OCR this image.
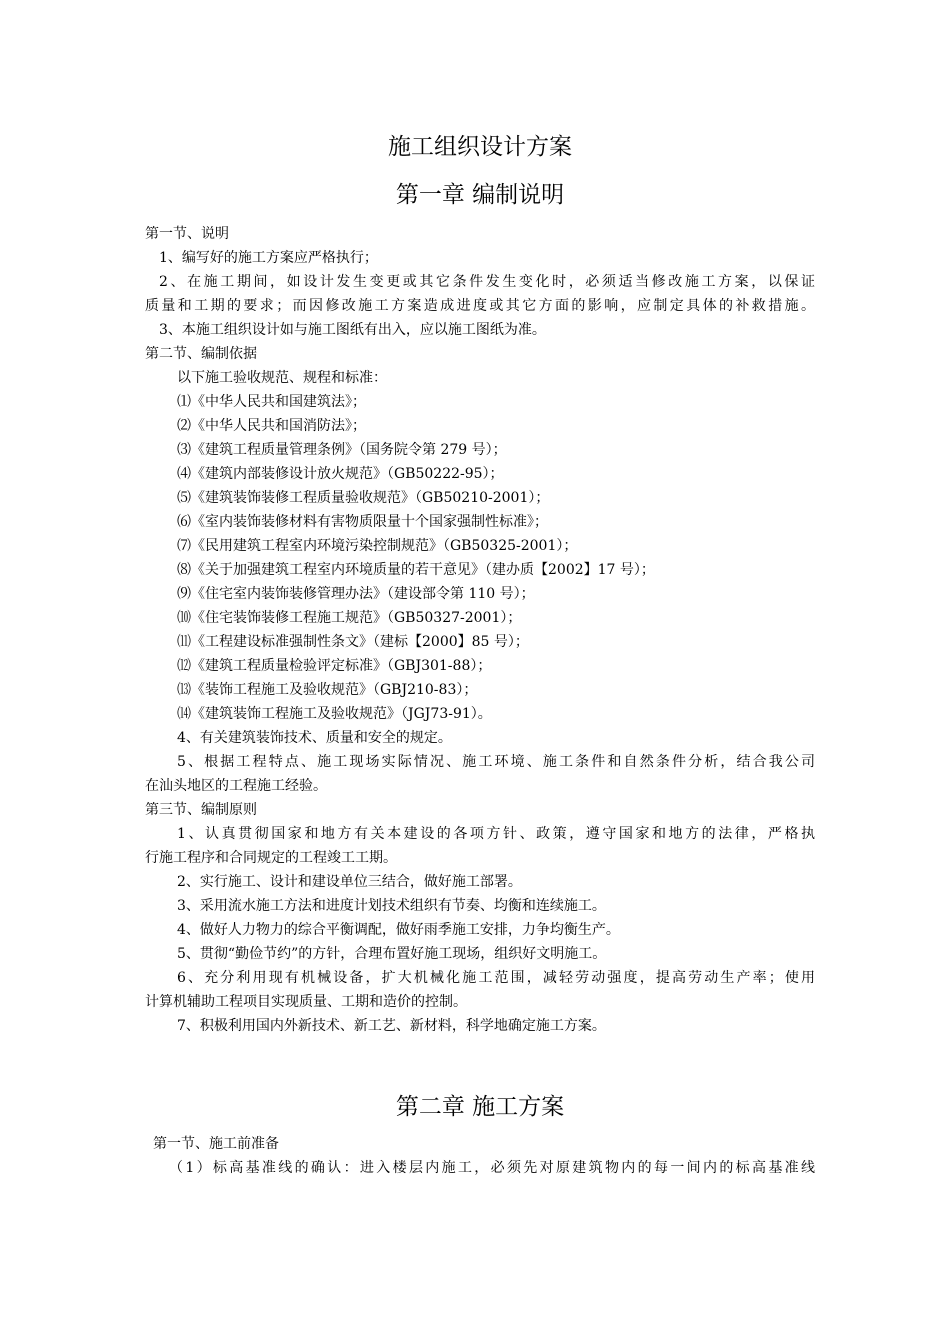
施工组织设计方案
第一章 编制说明
第一节、说明
1、编写好的施工方案应严格执行；
2、在施工期间，如设计发生变更或其它条件发生变化时，必须适当修改施工方案，以保证
质量和工期的要求；而因修改施工方案造成进度或其它方面的影响，应制定具体的补救措施。
3、本施工组织设计如与施工图纸有出入，应以施工图纸为准。
第二节、编制依据
以下施工验收规范、规程和标准：
⑴《中华人民共和国建筑法》；
⑵《中华人民共和国消防法》；
⑶《建筑工程质量管理条例》（国务院令第 279 号）；
⑷《建筑内部装修设计放火规范》（GB50222-95）；
⑸《建筑装饰装修工程质量验收规范》（GB50210-2001）；
⑹《室内装饰装修材料有害物质限量十个国家强制性标准》；
⑺《民用建筑工程室内环境污染控制规范》（GB50325-2001）；
⑻《关于加强建筑工程室内环境质量的若干意见》（建办质【2002】17 号）；
⑼《住宅室内装饰装修管理办法》（建设部令第 110 号）；
⑽《住宅装饰装修工程施工规范》（GB50327-2001）；
⑾《工程建设标准强制性条文》（建标【2000】85 号）；
⑿《建筑工程质量检验评定标准》（GBJ301-88）；
⒀《装饰工程施工及验收规范》（GBJ210-83）；
⒁《建筑装饰工程施工及验收规范》（JGJ73-91）。
4、有关建筑装饰技术、质量和安全的规定。
5、根据工程特点、施工现场实际情况、施工环境、施工条件和自然条件分析，结合我公司
在汕头地区的工程施工经验。
第三节、编制原则
1、认真贯彻国家和地方有关本建设的各项方针、政策，遵守国家和地方的法律，严格执
行施工程序和合同规定的工程竣工工期。
2、实行施工、设计和建设单位三结合，做好施工部署。
3、采用流水施工方法和进度计划技术组织有节奏、均衡和连续施工。
4、做好人力物力的综合平衡调配，做好雨季施工安排，力争均衡生产。
5、贯彻“勤俭节约”的方针，合理布置好施工现场，组织好文明施工。
6、充分利用现有机械设备，扩大机械化施工范围，减轻劳动强度，提高劳动生产率；使用
计算机辅助工程项目实现质量、工期和造价的控制。
7、积极利用国内外新技术、新工艺、新材料，科学地确定施工方案。
第二章 施工方案
第一节、施工前准备
（1）标高基准线的确认：进入楼层内施工，必须先对原建筑物内的每一间内的标高基准线
